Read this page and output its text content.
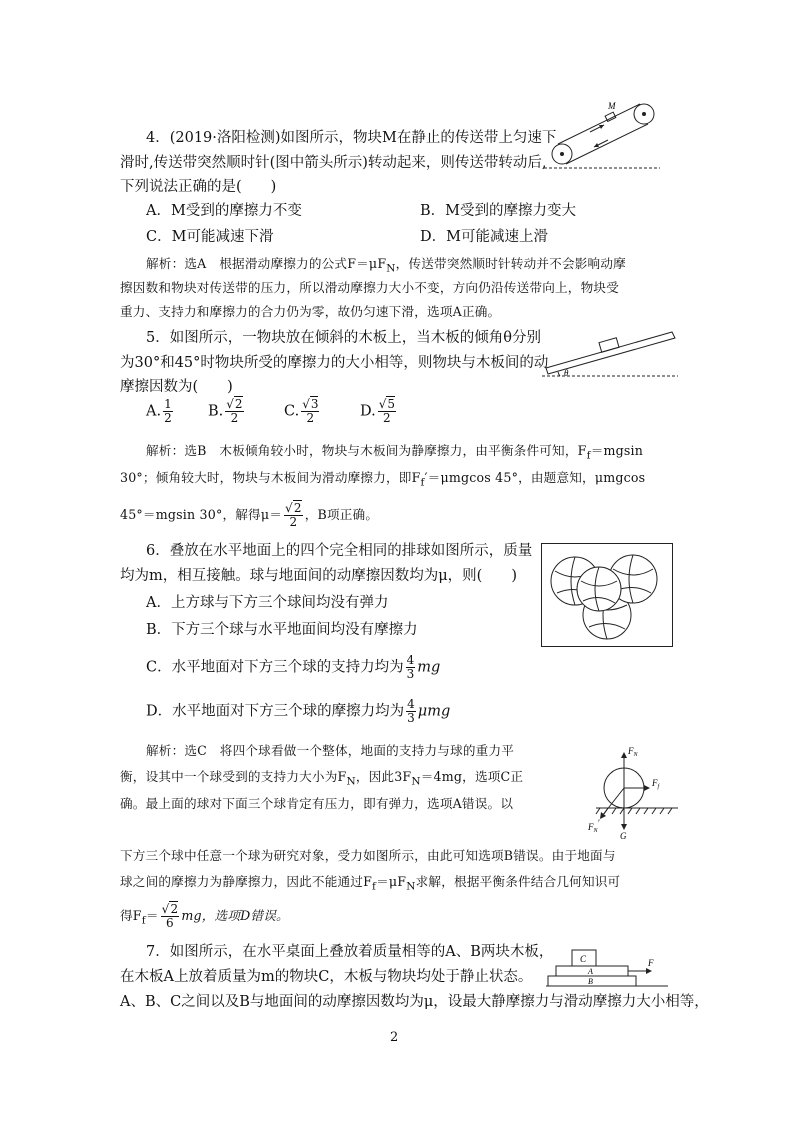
4．(2019·洛阳检测)如图所示，物块M在静止的传送带上匀速下
滑时,传送带突然顺时针(图中箭头所示)转动起来，则传送带转动后,
下列说法正确的是(　　)
A．M受到的摩擦力不变	B．M受到的摩擦力变大
C．M可能减速下滑	D．M可能减速上滑
解析：选A　根据滑动摩擦力的公式$F=\mu F_N$，传送带突然顺时针转动并不会影响动摩
擦因数和物块对传送带的压力，所以滑动摩擦力大小不变，方向仍沿传送带向上，物块受
重力、支持力和摩擦力的合力仍为零，故仍匀速下滑，选项A正确。
M
5．如图所示，一物块放在倾斜的木板上，当木板的倾角θ分别
为30°和45°时物块所受的摩擦力的大小相等，则物块与木板间的动
摩擦因数为(　　)
A. $\frac{1}{2} B$. $\frac{√2}{2}$	C. $\frac{√3}{2}$	D. $\frac{√5}{2}$
解析：选B　木板倾角较小时，物块与木板间为静摩擦力，由平衡条件可知，$F_f=mgsin$
30°；倾角较大时，物块与木板间为滑动摩擦力，即$F_f'=\mu mgcos$ 45°，由题意知，μmgcos
45°＝mgsin 30°，解得$\mu= \frac{√2}{2}$ ，B项正确。
θ
6．叠放在水平地面上的四个完全相同的排球如图所示，质量
均为m，相互接触。球与地面间的动摩擦因数均为μ，则(　　)
A．上方球与下方三个球间均没有弹力
B．下方三个球与水平地面间均没有摩擦力
C．水平地面对下方三个球的支持力均为 $\frac{4}{3}$ mg
D．水平地面对下方三个球的摩擦力均为 $\frac{4}{3}$ μmg
解析：选C　将四个球看做一个整体，地面的支持力与球的重力平
衡，设其中一个球受到的支持力大小为$F_N$，因此$3F_N=4mg$，选项C正
确。最上面的球对下面三个球肯定有压力，即有弹力，选项A错误。以
下方三个球中任意一个球为研究对象，受力如图所示，由此可知选项B错误。由于地面与
球之间的摩擦力为静摩擦力，因此不能通过$F_f=\mu F_N$求解，根据平衡条件结合几何知识可
得$F_f= \frac{√2}{6}$ mg，选项D错误。
$F_N$
$F_f$
$F_N'$
G
7．如图所示，在水平桌面上叠放着质量相等的A、B两块木板，
在木板A上放着质量为m的物块C，木板与物块均处于静止状态。
A、B、C之间以及B与地面间的动摩擦因数均为μ，设最大静摩擦力与滑动摩擦力大小相等，
C
A
B
F
2
